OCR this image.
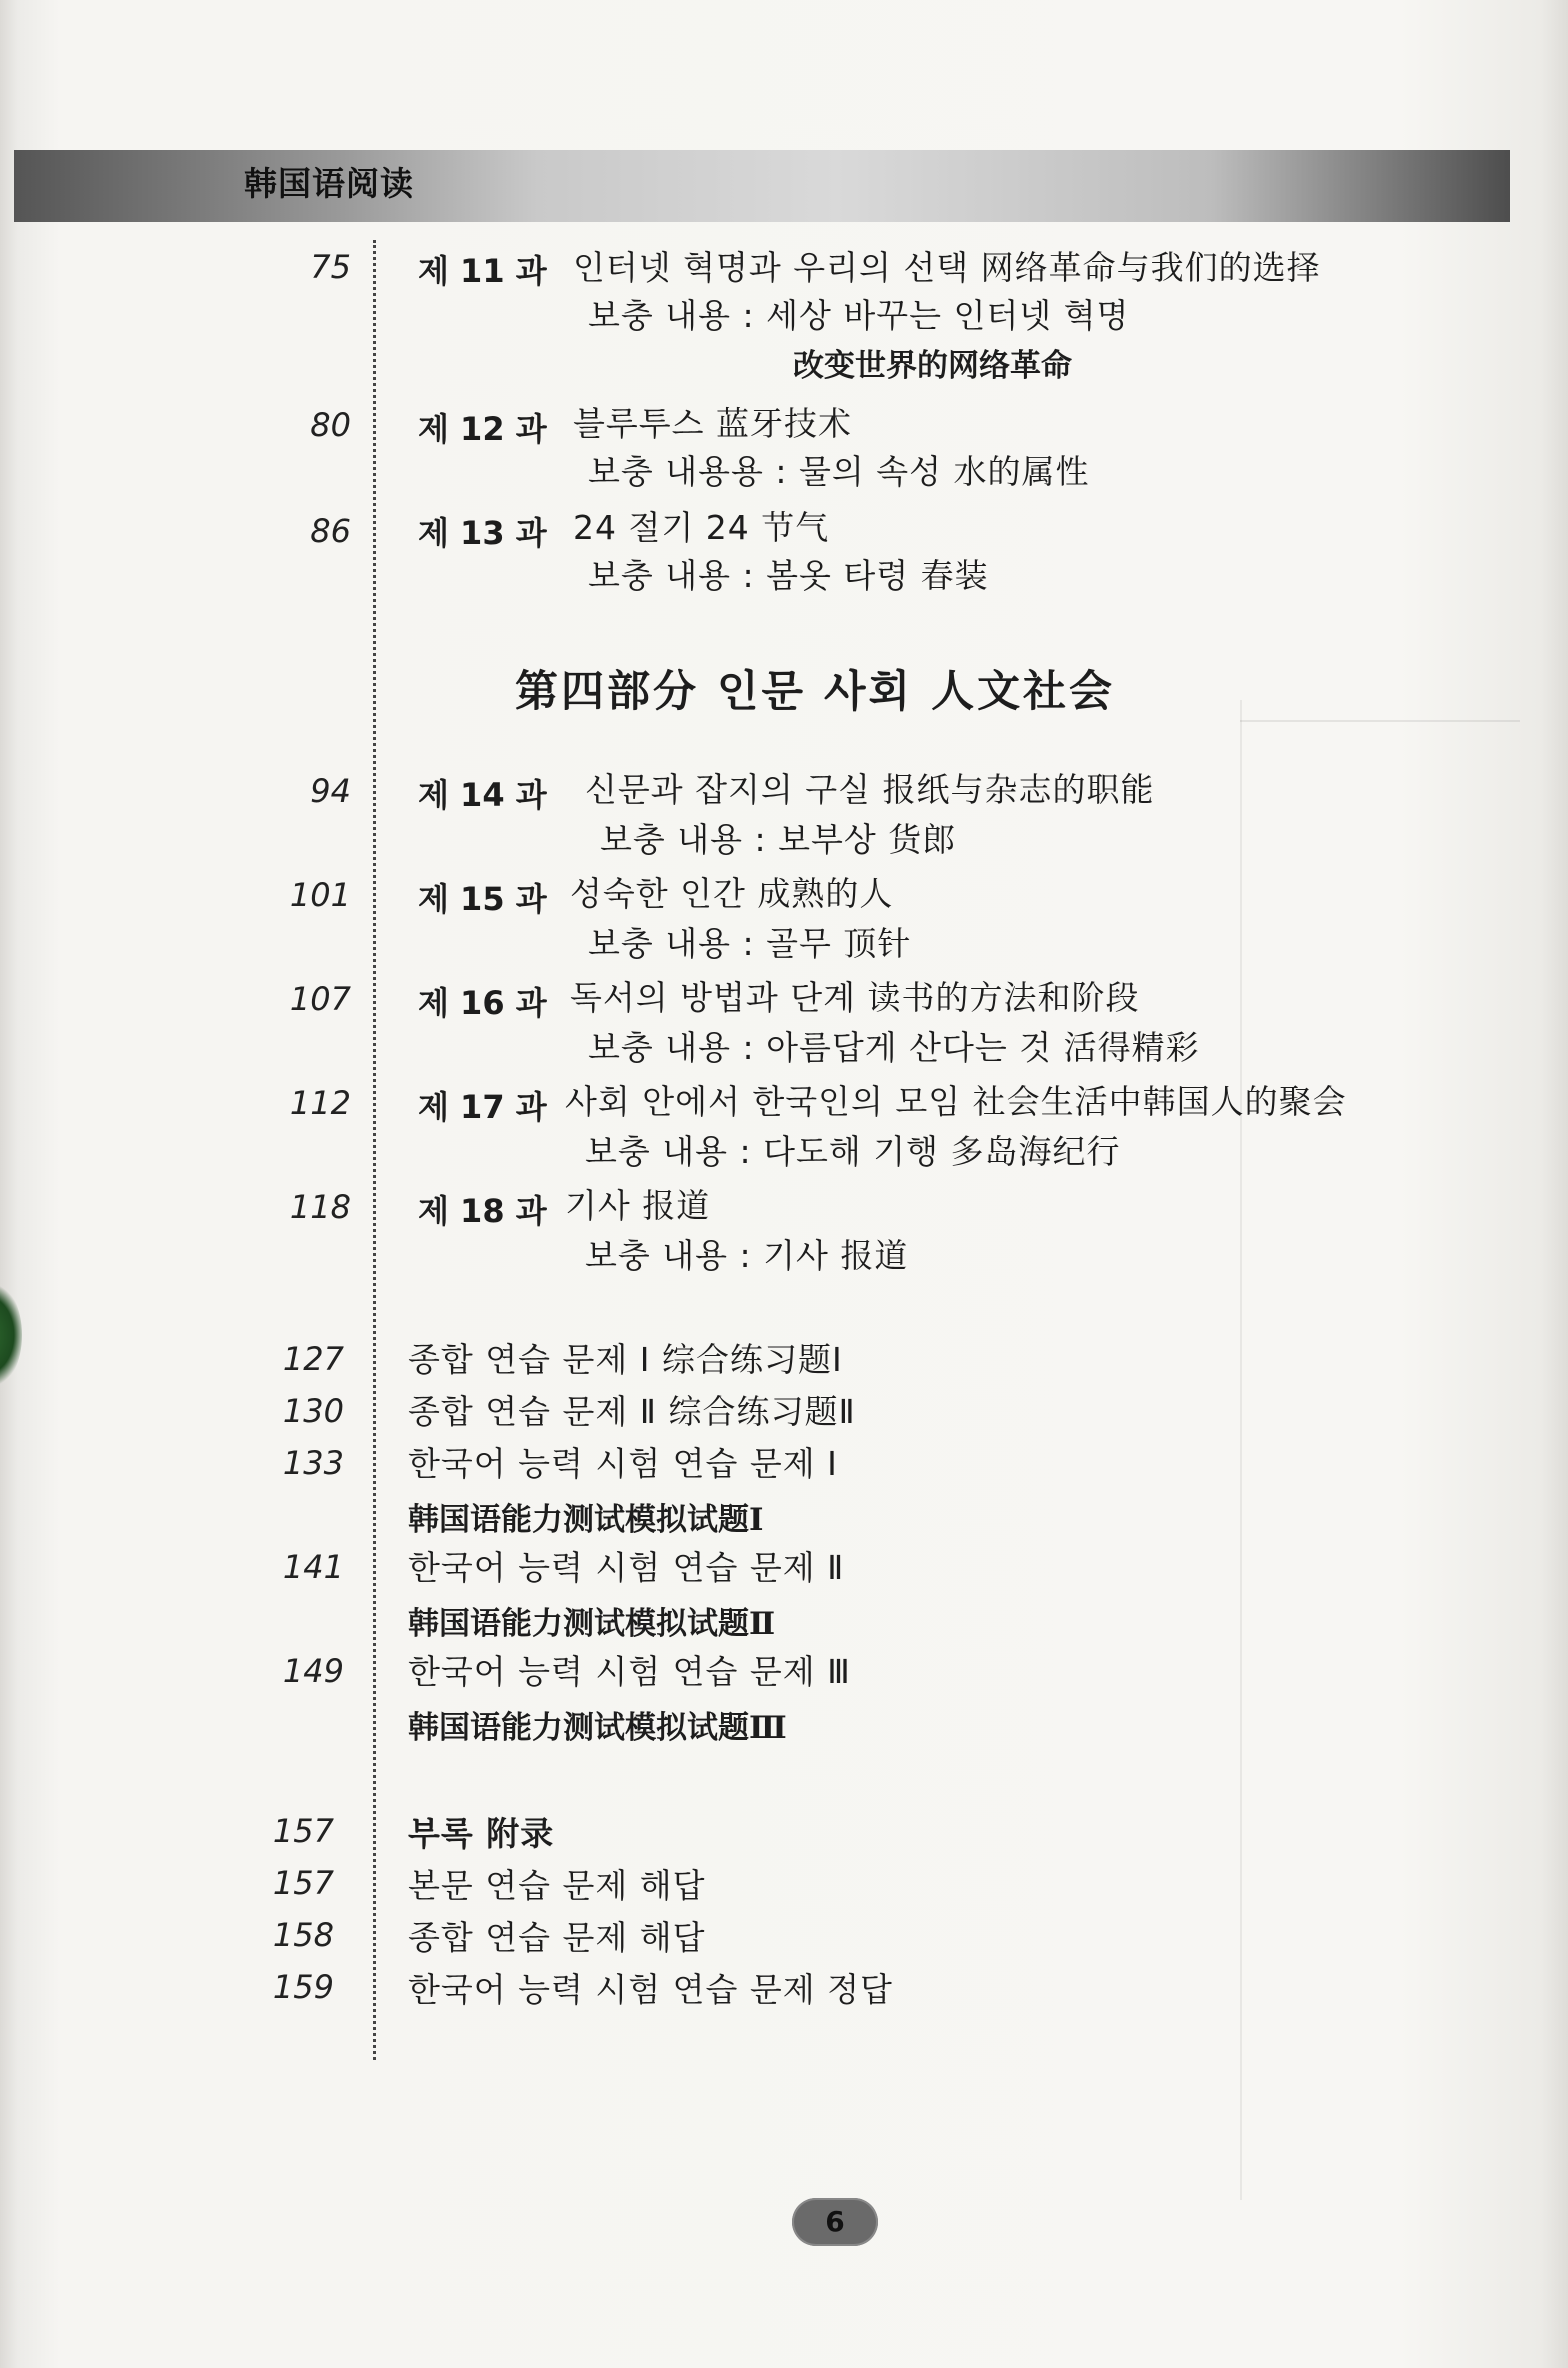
韩国语阅读
75 제 11 과 인터넷 혁명과 우리의 선택 网络革命与我们的选择
보충 내용 : 세상 바꾸는 인터넷 혁명
改变世界的网络革命
80 제 12 과 블루투스 蓝牙技术
보충 내용용 : 물의 속성 水的属性
86 제 13 과 24 절기 24 节气
보충 내용 : 봄옷 타령 春装
第四部分 인문 사회 人文社会
94 제 14 과 신문과 잡지의 구실 报纸与杂志的职能
보충 내용 : 보부상 货郎
101 제 15 과 성숙한 인간 成熟的人
보충 내용 : 골무 顶针
107 제 16 과 독서의 방법과 단계 读书的方法和阶段
보충 내용 : 아름답게 산다는 것 活得精彩
112 제 17 과 사회 안에서 한국인의 모임 社会生活中韩国人的聚会
보충 내용 : 다도해 기행 多岛海纪行
118 제 18 과 기사 报道
보충 내용 : 기사 报道
127 종합 연습 문제 Ⅰ 综合练习题Ⅰ
130 종합 연습 문제 Ⅱ 综合练习题Ⅱ
133 한국어 능력 시험 연습 문제 Ⅰ
韩国语能力测试模拟试题Ⅰ
141 한국어 능력 시험 연습 문제 Ⅱ
韩国语能力测试模拟试题Ⅱ
149 한국어 능력 시험 연습 문제 Ⅲ
韩国语能力测试模拟试题Ⅲ
157 부록 附录
157 본문 연습 문제 해답
158 종합 연습 문제 해답
159 한국어 능력 시험 연습 문제 정답
6
